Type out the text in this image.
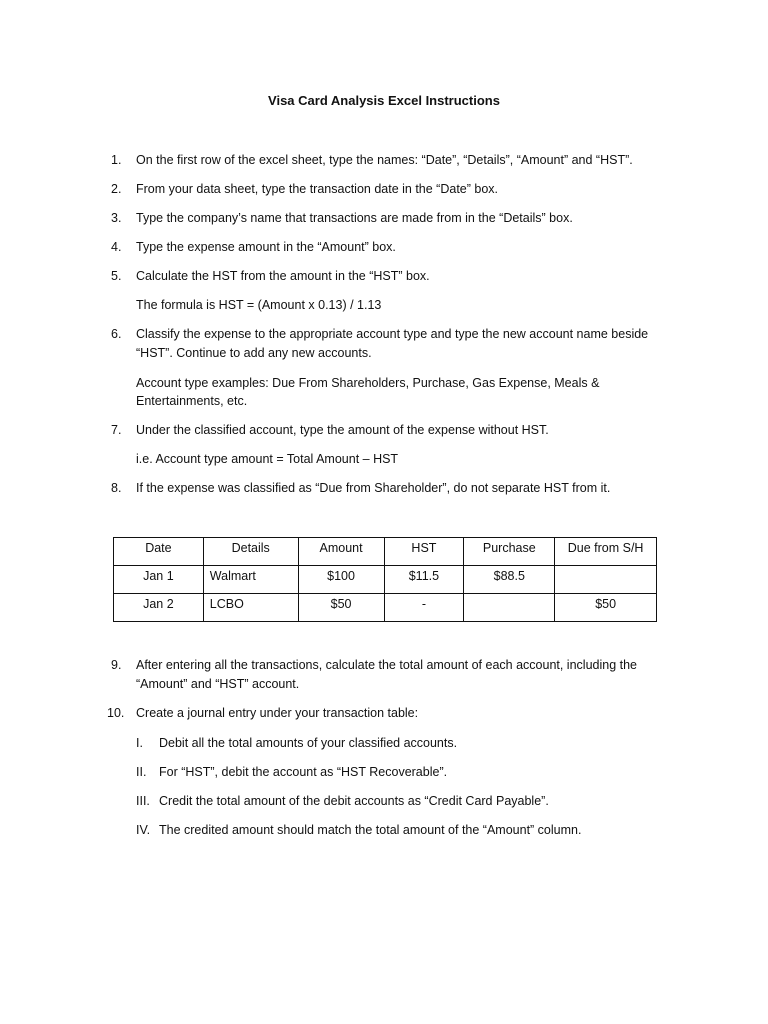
Visa Card Analysis Excel Instructions
1. On the first row of the excel sheet, type the names: “Date”, “Details”, “Amount” and “HST”.
2. From your data sheet, type the transaction date in the “Date” box.
3. Type the company’s name that transactions are made from in the “Details” box.
4. Type the expense amount in the “Amount” box.
5. Calculate the HST from the amount in the “HST” box.
The formula is HST = (Amount x 0.13) / 1.13
6. Classify the expense to the appropriate account type and type the new account name beside
“HST”. Continue to add any new accounts.
Account type examples: Due From Shareholders, Purchase, Gas Expense, Meals &
Entertainments, etc.
7. Under the classified account, type the amount of the expense without HST.
i.e. Account type amount = Total Amount – HST
8. If the expense was classified as “Due from Shareholder”, do not separate HST from it.
Date	Details	Amount	HST	Purchase	Due from S/H
Jan 1	Walmart	$100	$11.5	$88.5	
Jan 2	LCBO	$50	-		$50
9. After entering all the transactions, calculate the total amount of each account, including the
“Amount” and “HST” account.
10. Create a journal entry under your transaction table:
I. Debit all the total amounts of your classified accounts.
II. For “HST”, debit the account as “HST Recoverable”.
III. Credit the total amount of the debit accounts as “Credit Card Payable”.
IV. The credited amount should match the total amount of the “Amount” column.
